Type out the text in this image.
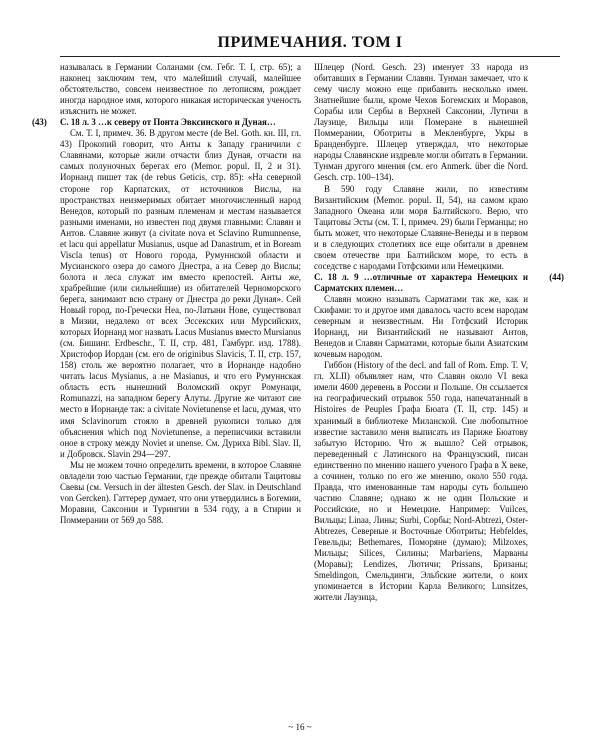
ПРИМЕЧАНИЯ. ТОМ I

называлась в Германии Соланами (см. Гебг. Т. I, стр. 65); а наконец заключим тем, что малейший случай, малейшее обстоятельство, совсем неизвестное по летописям, рождает иногда народное имя, которого никакая историческая ученость изъяснить не может.

(43) С. 18 л. 3 …к северу от Понта Эвксинского и Дуная…

См. Т. I, примеч. 36. В другом месте (de Bel. Goth. кн. III, гл. 43) Прокопий говорит, что Анты к Западу граничили с Славянами, которые жили отчасти близ Дуная, отчасти на самых полуночных берегах его (Memor. popul. II, 2 и 31). Иорнанд пишет так (de rebus Geticis, стр. 85): «На северной стороне гор Карпатских, от источников Вислы, на пространствах неизмеримых обитает многочисленный народ Венедов, который по разным племенам и местам называется разными именами, но известен под двумя главными: Славян и Антов. Славяне живут (a civitate nova et Sclavino Rumunnense, et lacu qui appellatur Musianus, usque ad Danastrum, et in Boream Viscla tenus) от Нового города, Румуннской области и Мусианского озера до самого Днестра, а на Север до Вислы; болота и леса служат им вместо крепостей. Анты же, храбрейшие (или сильнейшие) из обитателей Черноморского берега, занимают всю страну от Днестра до реки Дуная». Сей Новый город, по-Гречески Неа, по-Латыни Нове, существовал в Мизии, недалеко от всех Эссекских или Мурсийских, которых Иорнанд мог назвать Lacus Musianus вместо Mursianus (см. Бишинг. Erdbeschr., Т. II, стр. 481, Гамбург. изд. 1788). Христофор Иордан (см. его de originibus Slavicis, Т. II, стр. 157, 158) столь же вероятно полагает, что в Иорнанде надобно читать lacus Mysianus, а не Masianus, и что его Румуннская область есть нынешний Воломский округ Ромунаци, Romunazzi, на западном берегу Алуты. Другие же читают сие место в Иорнанде так: a civitate Novietunense et lacu, думая, что имя Sclavinorum стояло в древней рукописи только для объяснения which под Novietunense, а переписчики вставили оное в строку между Noviet и unense. См. Дуриха Bibl. Slav. II, и Добровск. Slavin 294—297.

Мы не можем точно определить времени, в которое Славяне овладели тою частью Германии, где прежде обитали Тацитовы Свевы (см. Versuch in der ältesten Gesch. der Slav. in Deutschland von Gercken). Гаттерер думает, что они утвердились в Богемии, Моравии, Саксонии и Турингии в 534 году, а в Стирии и Поммерании от 569 до 588.

Шлецер (Nord. Gesch. 23) именует 33 народа из обитавших в Германии Славян. Тунман замечает, что к сему числу можно еще прибавить несколько имен. Знатнейшие были, кроме Чехов Богемских и Моравов, Сорабы или Сербы в Верхней Саксонии, Лутичи в Лаузице, Вильцы или Померане в нынешней Поммерании, Оботриты в Мекленбурге, Укры в Бранденбурге. Шлецер утверждал, что некоторые народы Славянские издревле могли обитать в Германии. Тунман другого мнения (см. его Anmerk. über die Nord. Gesch. стр. 100–134).

В 590 году Славяне жили, по известиям Византийским (Memor. popul. II, 54), на самом краю Западного Океана или моря Балтийского. Верю, что Тацитовы Эсты (см. Т. I, примеч. 29) были Германцы; но быть может, что некоторые Славяне-Венеды и в первом и в следующих столетиях все еще обитали в древнем своем отечестве при Балтийском море, то есть в соседстве с народами Готфскими или Немецкими.

(44)

С. 18 л. 9 …отличные от характера Немецких и Сарматских племен…

Славян можно называть Сарматами так же, как и Скифами: то и другое имя давалось часто всем народам северным и неизвестным. Ни Готфский Историк Иорнанд, ни Византийский не называют Антов, Венедов и Славян Сарматами, которые были Азиатским кочевым народом.

Гиббон (History of the decl. and fall of Rom. Emp. Т. V, гл. XLII) объявляет нам, что Славян около VI века имели 4600 деревень в России и Польше. Он ссылается на географический отрывок 550 года, напечатанный в Histoires de Peuples Графа Бюата (Т. II, стр. 145) и хранимый в библиотеке Миланской. Сие любопытное известие заставило меня выписать из Париже Бюатову забытую Историю. Что ж вышло? Сей отрывок, переведенный с Латинского на Французский, писан единственно по мнению нашего ученого Графа в X веке, а сочинен, только по его же мнению, около 550 года. Правда, что именованные там народы суть большею частию Славяне; однако ж не один Польские и Российские, но и Немецкие. Например: Vuilces, Вильцы; Linaa, Лины; Surbi, Сорбы; Nord-Abtrezi, Oster-Abtrezes, Северные и Восточные Оботриты; Hebfeldes, Гевельды; Bethemares, Поморяне (думаю); Milzoxes, Мильцы; Silices, Силины; Marbariens, Марваны (Моравы); Lendizes, Лютичи; Prissans, Бризаны; Smeldingon, Смельдинги, Эльбские жители, о коих упоминается в Истории Карла Великого; Lunsitzes, жители Лаузица,

~ 16 ~
